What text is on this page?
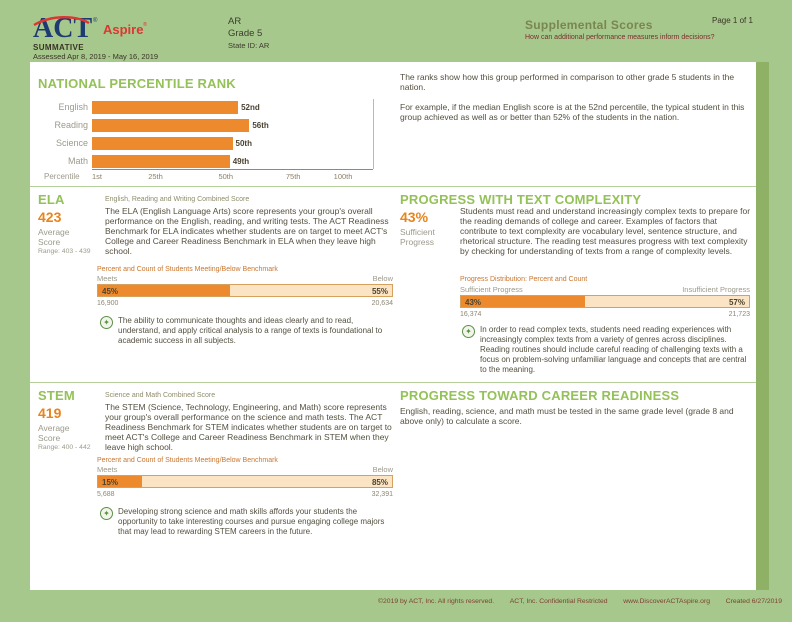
ACT ®
Aspire ®
SUMMATIVE
Assessed Apr 8, 2019 - May 16, 2019
AR
Grade 5
State ID: AR
Supplemental Scores
How can additional performance measures inform decisions?
Page 1 of 1
NATIONAL PERCENTILE RANK
English	52nd
Reading	56th
Science	50th
Math	49th
Percentile 1st	25th	50th	75th	100th

The ranks show how this group performed in comparison to other grade 5 students in the nation.

For example, if the median English score is at the 52nd percentile, the typical student in this group achieved as well as or better than 52% of the students in the nation.

ELA
423
Average Score
Range: 403 - 439
English, Reading and Writing Combined Score
The ELA (English Language Arts) score represents your group's overall performance on the English, reading, and writing tests. The ACT Readiness Benchmark for ELA indicates whether students are on target to meet ACT's College and Career Readiness Benchmark in ELA when they leave high school.
Percent and Count of Students Meeting/Below Benchmark
Meets	Below
45%	55%
16,900	20,634
✦	The ability to communicate thoughts and ideas clearly and to read, understand, and apply critical analysis to a range of texts is foundational to academic success in all subjects.
PROGRESS WITH TEXT COMPLEXITY
43%
Sufficient Progress
Students must read and understand increasingly complex texts to prepare for the reading demands of college and career. Examples of factors that contribute to text complexity are vocabulary level, sentence structure, and rhetorical structure. The reading test measures progress with text complexity by checking for understanding of texts from a range of complexity levels.
Progress Distribution: Percent and Count
Sufficient Progress	Insufficient Progress
43%	57%
16,374	21,723
✦	In order to read complex texts, students need reading experiences with increasingly complex texts from a variety of genres across disciplines. Reading routines should include careful reading of challenging texts with a focus on problem-solving unfamiliar language and concepts that are central to the meaning.
STEM
419
Average Score
Range: 400 - 442
Science and Math Combined Score
The STEM (Science, Technology, Engineering, and Math) score represents your group's overall performance on the science and math tests. The ACT Readiness Benchmark for STEM indicates whether students are on target to meet ACT's College and Career Readiness Benchmark in STEM when they leave high school.
Percent and Count of Students Meeting/Below Benchmark
Meets	Below
15%	85%
5,688	32,391
✦	Developing strong science and math skills affords your students the opportunity to take interesting courses and pursue engaging college majors that may lead to rewarding STEM careers in the future.
PROGRESS TOWARD CAREER READINESS
English, reading, science, and math must be tested in the same grade level (grade 8 and above only) to calculate a score.
©2019 by ACT, Inc. All rights reserved. ACT, Inc. Confidential Restricted www.DiscoverACTAspire.org Created 6/27/2019
